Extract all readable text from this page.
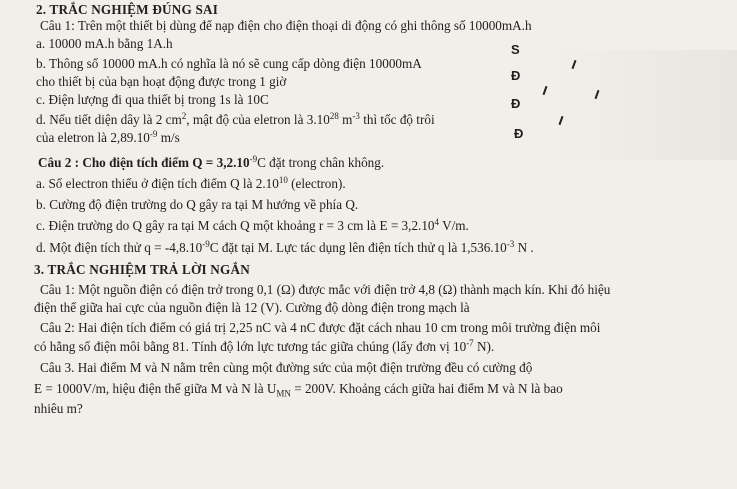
2. TRẮC NGHIỆM ĐÚNG SAI
Câu 1: Trên một thiết bị dùng để nạp điện cho điện thoại di động có ghi thông số 10000mA.h
a. 10000 mA.h bằng 1A.h	S
b. Thông số 10000 mA.h có nghĩa là nó sẽ cung cấp dòng điện 10000mA
cho thiết bị của bạn hoạt động được trong 1 giờ	Đ
c. Điện lượng đi qua thiết bị trong 1s là 10C	Đ
d. Nếu tiết diện dây là 2 $cm^2$, mật độ của eletron là 3.10$^{28}$ $m^{-3}$ thì tốc độ trôi
của eletron là $2,89.10^{-9}$ m/s	Đ
Câu 2 : Cho điện tích điểm $Q = 3,2.10^{-9}C$ đặt trong chân không.
a. Số electron thiếu ở điện tích điểm Q là 2.10$^{10}$ (electron).
b. Cường độ điện trường do Q gây ra tại M hướng về phía Q.
c. Điện trường do Q gây ra tại M cách Q một khoảng r = 3 cm là $E = 3,2.10^4$ V/m.
d. Một điện tích thử $q = -4,8.10^{-9}C$ đặt tại M. Lực tác dụng lên điện tích thử q là $1,536.10^{-3}$ N .
3. TRẮC NGHIỆM TRẢ LỜI NGẮN
Câu 1: Một nguồn điện có điện trở trong 0,1 (Ω) được mắc với điện trở 4,8 (Ω) thành mạch kín. Khi đó hiệu
điện thế giữa hai cực của nguồn điện là 12 (V). Cường độ dòng điện trong mạch là
Câu 2: Hai điện tích điểm có giá trị 2,25 nC và 4 nC được đặt cách nhau 10 cm trong môi trường điện môi
có hằng số điện môi bằng 81. Tính độ lớn lực tương tác giữa chúng (lấy đơn vị $10^{-7}$ N).
Câu 3. Hai điểm M và N nằm trên cùng một đường sức của một điện trường đều có cường độ
E = 1000V/m, hiệu điện thế giữa M và N là $U_{MN} = 200V$. Khoảng cách giữa hai điểm M và N là bao
nhiêu m?
